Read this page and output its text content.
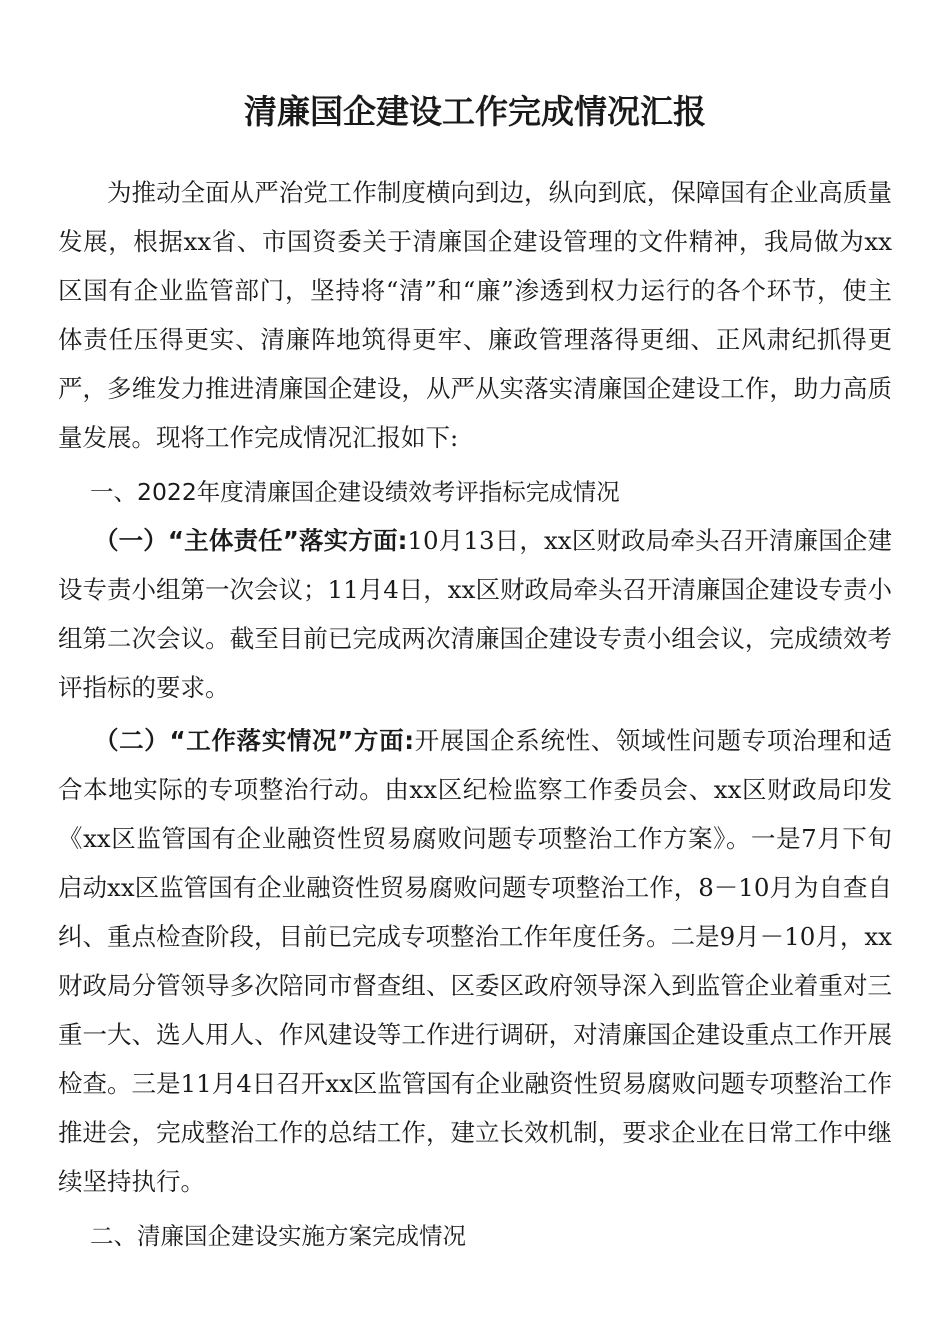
清廉国企建设工作完成情况汇报

为推动全面从严治党工作制度横向到边，纵向到底，保障国有企业高质量发展，根据xx省、市国资委关于清廉国企建设管理的文件精神，我局做为xx区国有企业监管部门，坚持将“清”和“廉”渗透到权力运行的各个环节，使主体责任压得更实、清廉阵地筑得更牢、廉政管理落得更细、正风肃纪抓得更严，多维发力推进清廉国企建设，从严从实落实清廉国企建设工作，助力高质量发展。现将工作完成情况汇报如下:

一、2022年度清廉国企建设绩效考评指标完成情况

（一）“主体责任”落实方面:10月13日，xx区财政局牵头召开清廉国企建设专责小组第一次会议；11月4日，xx区财政局牵头召开清廉国企建设专责小组第二次会议。截至目前已完成两次清廉国企建设专责小组会议，完成绩效考评指标的要求。

（二）“工作落实情况”方面:开展国企系统性、领域性问题专项治理和适合本地实际的专项整治行动。由xx区纪检监察工作委员会、xx区财政局印发《xx区监管国有企业融资性贸易腐败问题专项整治工作方案》。一是7月下旬启动xx区监管国有企业融资性贸易腐败问题专项整治工作，8－10月为自查自纠、重点检查阶段，目前已完成专项整治工作年度任务。二是9月－10月，xx财政局分管领导多次陪同市督查组、区委区政府领导深入到监管企业着重对三重一大、选人用人、作风建设等工作进行调研，对清廉国企建设重点工作开展检查。三是11月4日召开xx区监管国有企业融资性贸易腐败问题专项整治工作推进会，完成整治工作的总结工作，建立长效机制，要求企业在日常工作中继续坚持执行。

二、清廉国企建设实施方案完成情况
